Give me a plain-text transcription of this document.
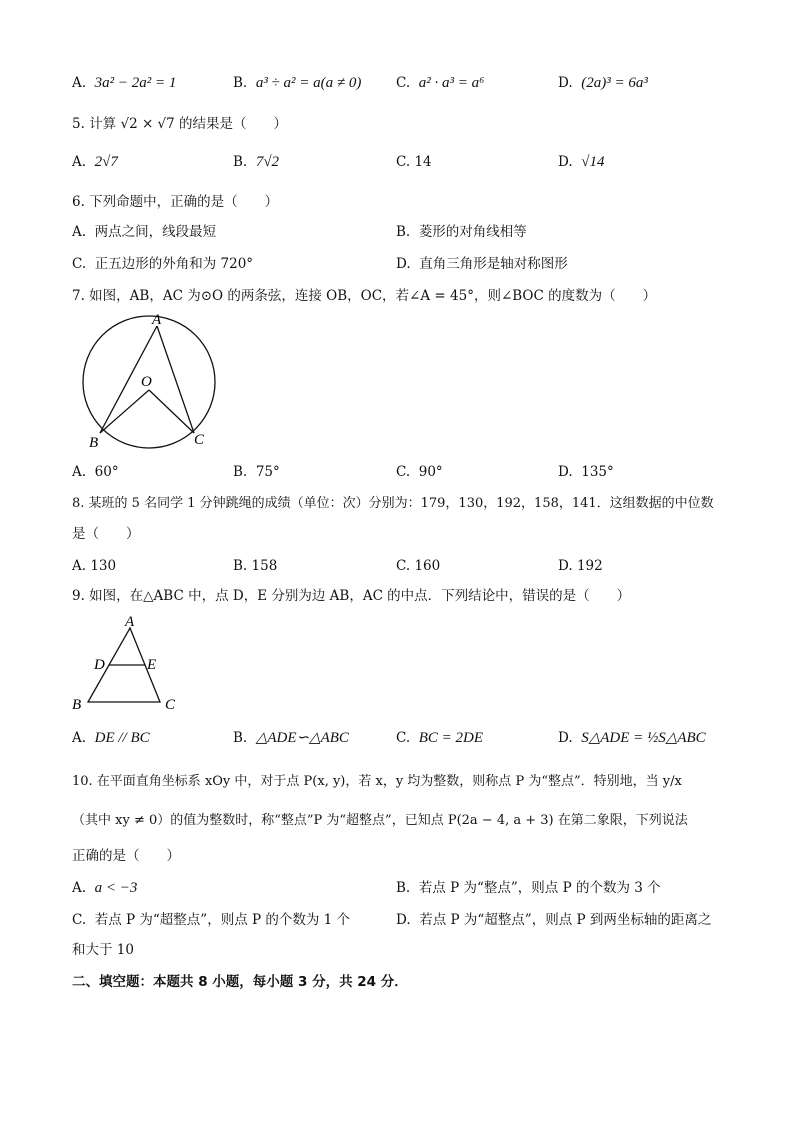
A. 3a² − 2a² = 1	B. a³ ÷ a² = a(a ≠ 0)	C. a² · a³ = a⁶	D. (2a)³ = 6a³
5. 计算 √2 × √7 的结果是（　　）
A. 2√7	B. 7√2	C. 14	D. √14
6. 下列命题中，正确的是（　　）
A. 两点之间，线段最短	B. 菱形的对角线相等
C. 正五边形的外角和为 720°	D. 直角三角形是轴对称图形
7. 如图，AB，AC 为⊙O 的两条弦，连接 OB，OC，若∠A = 45°，则∠BOC 的度数为（　　）
A
O
B	C
A. 60°	B. 75°	C. 90°	D. 135°
8. 某班的 5 名同学 1 分钟跳绳的成绩（单位：次）分别为：179，130，192，158，141．这组数据的中位数
是（　　）
A. 130	B. 158	C. 160	D. 192
9. 如图，在△ABC 中，点 D，E 分别为边 AB，AC 的中点．下列结论中，错误的是（　　）
A
D	E
B	C
A. DE // BC	B. △ADE∽△ABC	C. BC = 2DE	D. S△ADE = ½S△ABC
10. 在平面直角坐标系 xOy 中，对于点 P(x, y)，若 x，y 均为整数，则称点 P 为“整点”．特别地，当 y/x
（其中 xy ≠ 0）的值为整数时，称“整点”P 为“超整点”，已知点 P(2a − 4, a + 3) 在第二象限，下列说法
正确的是（　　）
A. a < −3	B. 若点 P 为“整点”，则点 P 的个数为 3 个
C. 若点 P 为“超整点”，则点 P 的个数为 1 个	D. 若点 P 为“超整点”，则点 P 到两坐标轴的距离之
和大于 10
二、填空题：本题共 8 小题，每小题 3 分，共 24 分．
